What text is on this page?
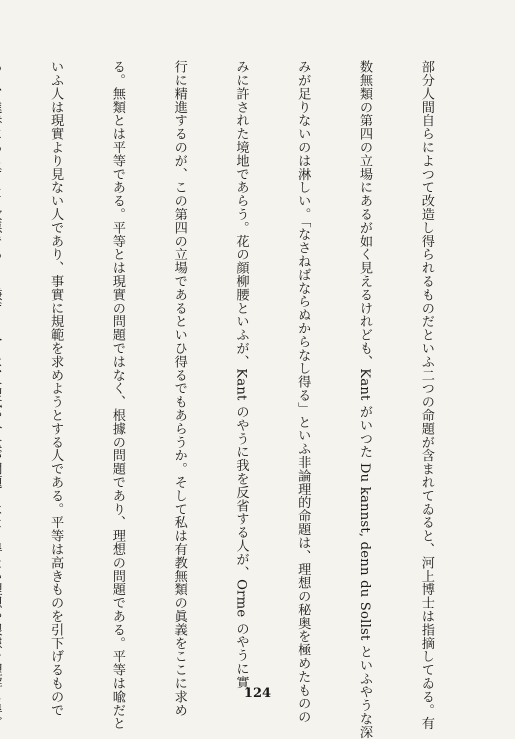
部分人間自らによつて改造し得られるものだといふ二つの命題が含まれてゐると、河上博士は指摘してゐる。有

数無類の第四の立場にあるが如く見えるけれども、Kant がいつた Du kannst, denn du Sollst といふやうな深

みが足りないのは淋しい。「なさねばならぬからなし得る」といふ非論理的命題は、理想の秘奥を極めたものの

みに許された境地であらう。花の顔柳腰といふが、Kant のやうに我を反省する人が、Orme のやうに實

行に精進するのが、この第四の立場であるといひ得るでもあらうか。そして私は有教無類の眞義をここに求め

る。無類とは平等である。平等とは現實の問題ではなく、根據の問題であり、理想の問題である。平等は喩だと

いふ人は現實より見ない人であり、事實に規範を求めようとする人である。平等は高きものを引下げるもので

	124
